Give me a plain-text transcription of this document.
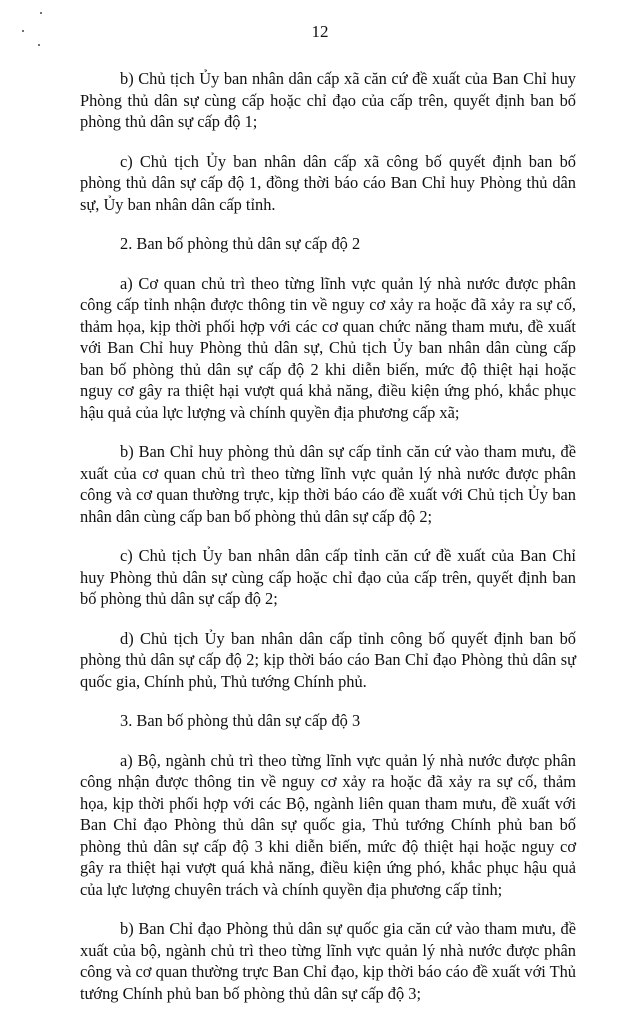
12

b) Chủ tịch Ủy ban nhân dân cấp xã căn cứ đề xuất của Ban Chỉ huy Phòng thủ dân sự cùng cấp hoặc chỉ đạo của cấp trên, quyết định ban bố phòng thủ dân sự cấp độ 1;

c) Chủ tịch Ủy ban nhân dân cấp xã công bố quyết định ban bố phòng thủ dân sự cấp độ 1, đồng thời báo cáo Ban Chỉ huy Phòng thủ dân sự, Ủy ban nhân dân cấp tỉnh.

2. Ban bố phòng thủ dân sự cấp độ 2

a) Cơ quan chủ trì theo từng lĩnh vực quản lý nhà nước được phân công cấp tỉnh nhận được thông tin về nguy cơ xảy ra hoặc đã xảy ra sự cố, thảm họa, kịp thời phối hợp với các cơ quan chức năng tham mưu, đề xuất với Ban Chỉ huy Phòng thủ dân sự, Chủ tịch Ủy ban nhân dân cùng cấp ban bố phòng thủ dân sự cấp độ 2 khi diễn biến, mức độ thiệt hại hoặc nguy cơ gây ra thiệt hại vượt quá khả năng, điều kiện ứng phó, khắc phục hậu quả của lực lượng và chính quyền địa phương cấp xã;

b) Ban Chỉ huy phòng thủ dân sự cấp tỉnh căn cứ vào tham mưu, đề xuất của cơ quan chủ trì theo từng lĩnh vực quản lý nhà nước được phân công và cơ quan thường trực, kịp thời báo cáo đề xuất với Chủ tịch Ủy ban nhân dân cùng cấp ban bố phòng thủ dân sự cấp độ 2;

c) Chủ tịch Ủy ban nhân dân cấp tỉnh căn cứ đề xuất của Ban Chỉ huy Phòng thủ dân sự cùng cấp hoặc chỉ đạo của cấp trên, quyết định ban bố phòng thủ dân sự cấp độ 2;

d) Chủ tịch Ủy ban nhân dân cấp tỉnh công bố quyết định ban bố phòng thủ dân sự cấp độ 2; kịp thời báo cáo Ban Chỉ đạo Phòng thủ dân sự quốc gia, Chính phủ, Thủ tướng Chính phủ.

3. Ban bố phòng thủ dân sự cấp độ 3

a) Bộ, ngành chủ trì theo từng lĩnh vực quản lý nhà nước được phân công nhận được thông tin về nguy cơ xảy ra hoặc đã xảy ra sự cố, thảm họa, kịp thời phối hợp với các Bộ, ngành liên quan tham mưu, đề xuất với Ban Chỉ đạo Phòng thủ dân sự quốc gia, Thủ tướng Chính phủ ban bố phòng thủ dân sự cấp độ 3 khi diễn biến, mức độ thiệt hại hoặc nguy cơ gây ra thiệt hại vượt quá khả năng, điều kiện ứng phó, khắc phục hậu quả của lực lượng chuyên trách và chính quyền địa phương cấp tỉnh;

b) Ban Chỉ đạo Phòng thủ dân sự quốc gia căn cứ vào tham mưu, đề xuất của bộ, ngành chủ trì theo từng lĩnh vực quản lý nhà nước được phân công và cơ quan thường trực Ban Chỉ đạo, kịp thời báo cáo đề xuất với Thủ tướng Chính phủ ban bố phòng thủ dân sự cấp độ 3;
